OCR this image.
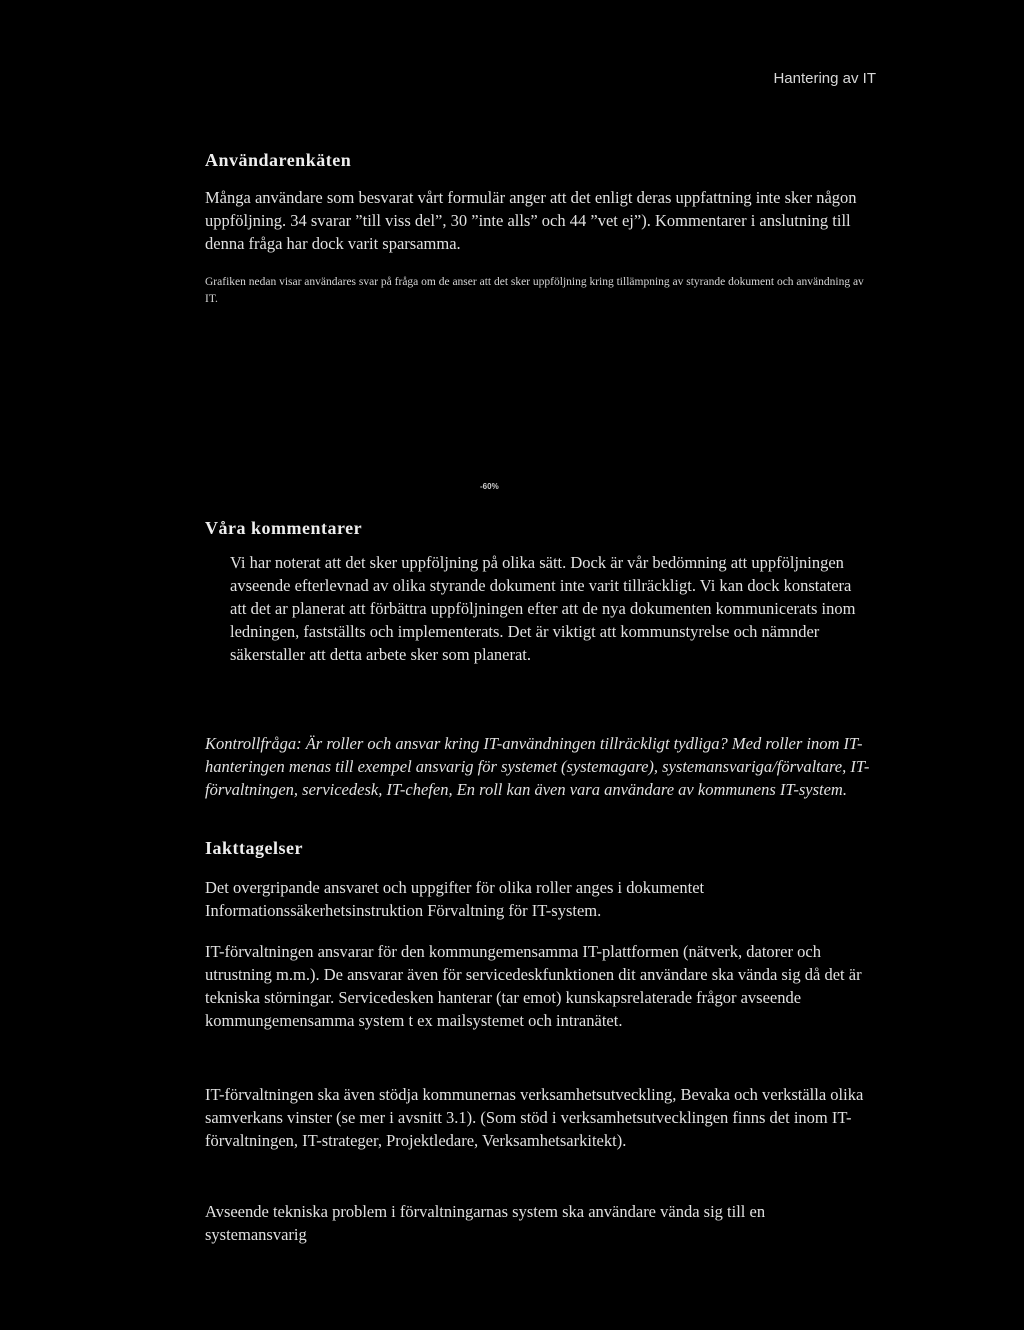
Hantering av IT
Användarenkäten
Många användare som besvarat vårt formulär anger att det enligt deras uppfattning inte sker någon uppföljning. 34 svarar ”till viss del”, 30 ”inte alls” och 44 ”vet ej”). Kommentarer i anslutning till denna fråga har dock varit sparsamma.
Grafiken nedan visar användares svar på fråga om de anser att det sker uppföljning kring tillämpning av styrande dokument och användning av IT.
-60%
Våra kommentarer
Vi har noterat att det sker uppföljning på olika sätt. Dock är vår bedömning att uppföljningen avseende efterlevnad av olika styrande dokument inte varit tillräckligt. Vi kan dock konstatera att det ar planerat att förbättra uppföljningen efter att de nya dokumenten kommunicerats inom ledningen, fastställts och implementerats. Det är viktigt att kommunstyrelse och nämnder säkerstaller att detta arbete sker som planerat.
Kontrollfråga: Är roller och ansvar kring IT-användningen tillräckligt tydliga? Med roller inom IT-hanteringen menas till exempel ansvarig för systemet (systemagare), systemansvariga/förvaltare, IT-förvaltningen, servicedesk, IT-chefen, En roll kan även vara användare av kommunens IT-system.
Iakttagelser
Det overgripande ansvaret och uppgifter för olika roller anges i dokumentet Informationssäkerhetsinstruktion Förvaltning för IT-system.
IT-förvaltningen ansvarar för den kommungemensamma IT-plattformen (nätverk, datorer och utrustning m.m.). De ansvarar även för servicedeskfunktionen dit användare ska vända sig då det är tekniska störningar. Servicedesken hanterar (tar emot) kunskapsrelaterade frågor avseende kommungemensamma system t ex mailsystemet och intranätet.
IT-förvaltningen ska även stödja kommunernas verksamhetsutveckling, Bevaka och verkställa olika samverkans vinster (se mer i avsnitt 3.1). (Som stöd i verksamhetsutvecklingen finns det inom IT-förvaltningen, IT-strateger, Projektledare, Verksamhetsarkitekt).
Avseende tekniska problem i förvaltningarnas system ska användare vända sig till en systemansvarig
